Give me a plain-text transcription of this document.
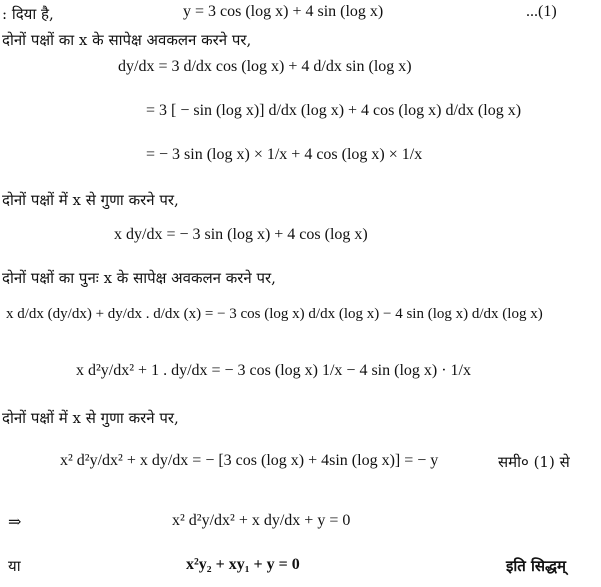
: दिया है,	y = 3 cos (log x) + 4 sin (log x)	...(1)
दोनों पक्षों का x के सापेक्ष अवकलन करने पर,
dy/dx = 3 d/dx cos (log x) + 4 d/dx sin (log x)
= 3 [ − sin (log x)] d/dx (log x) + 4 cos (log x) d/dx (log x)
= − 3 sin (log x) × 1/x + 4 cos (log x) × 1/x
दोनों पक्षों में x से गुणा करने पर,
x dy/dx = − 3 sin (log x) + 4 cos (log x)
दोनों पक्षों का पुनः x के सापेक्ष अवकलन करने पर,
x d/dx (dy/dx) + dy/dx . d/dx (x) = − 3 cos (log x) d/dx (log x) − 4 sin (log x) d/dx (log x)
x d²y/dx² + 1 . dy/dx = − 3 cos (log x) 1/x − 4 sin (log x) · 1/x
दोनों पक्षों में x से गुणा करने पर,
x² d²y/dx² + x dy/dx = − [3 cos (log x) + 4sin (log x)] = − y	समी० (1) से
⇒	x² d²y/dx² + x dy/dx + y = 0
या	x²y₂ + xy₁ + y = 0	इति सिद्धम्
